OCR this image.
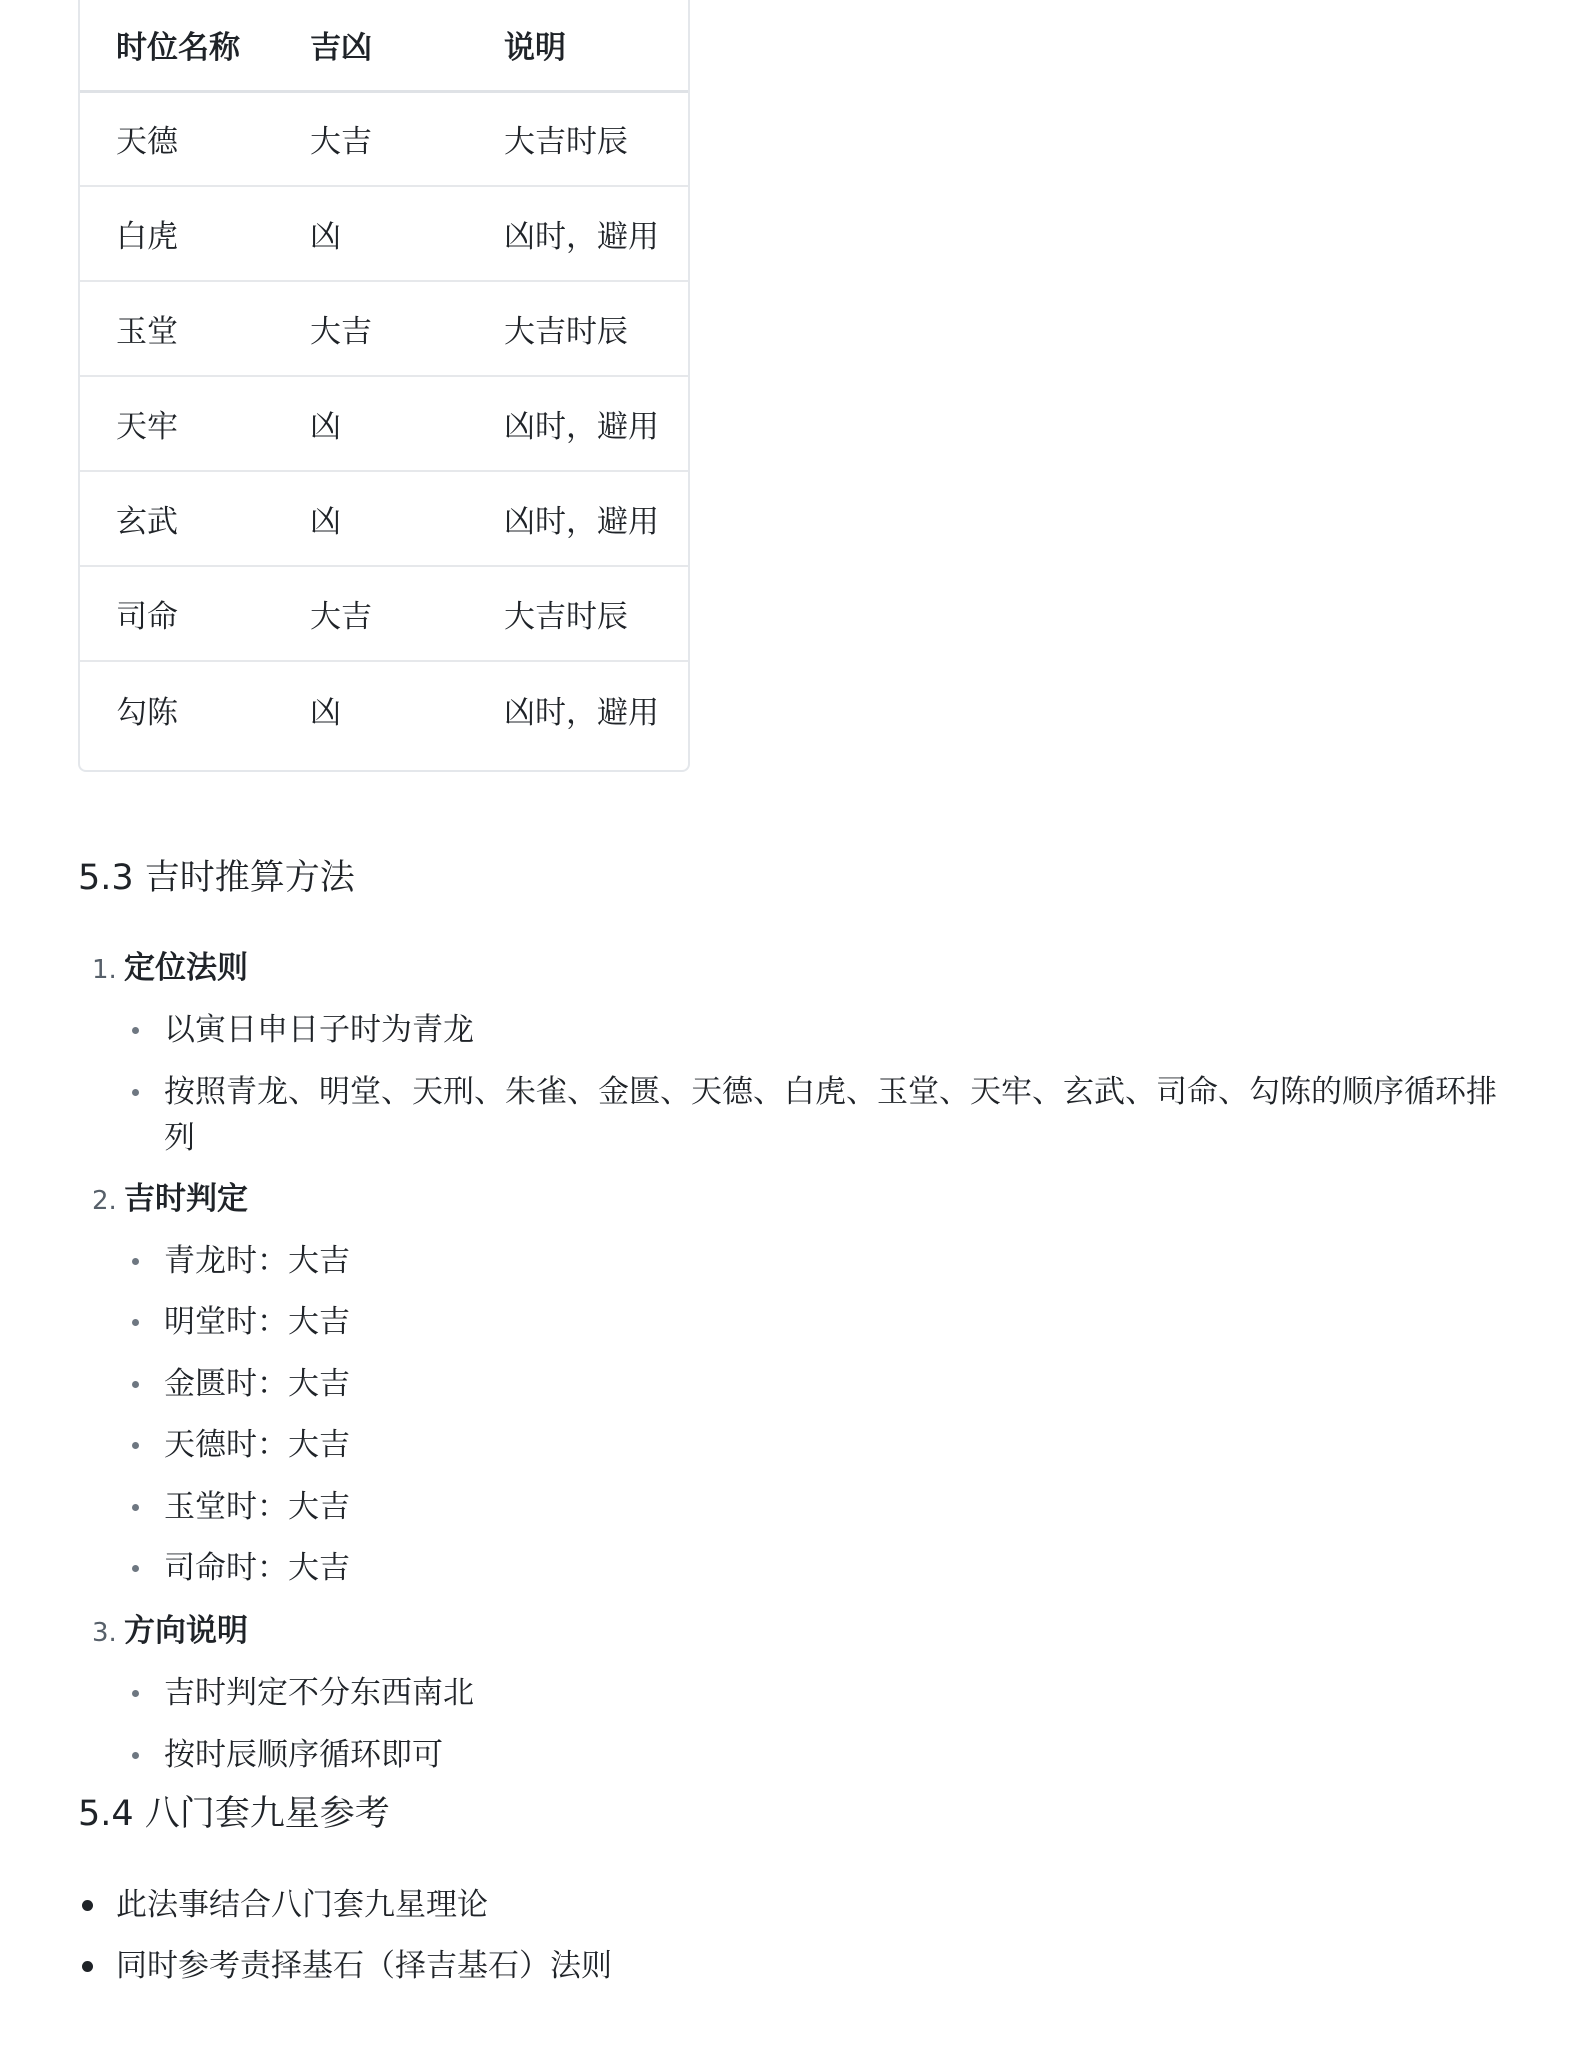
时位名称	吉凶	说明
天德	大吉	大吉时辰
白虎	凶	凶时，避用
玉堂	大吉	大吉时辰
天牢	凶	凶时，避用
玄武	凶	凶时，避用
司命	大吉	大吉时辰
勾陈	凶	凶时，避用
5.3 吉时推算方法
1. 定位法则
以寅日申日子时为青龙
按照青龙、明堂、天刑、朱雀、金匮、天德、白虎、玉堂、天牢、玄武、司命、勾陈的顺序循环排列
2. 吉时判定
青龙时：大吉
明堂时：大吉
金匮时：大吉
天德时：大吉
玉堂时：大吉
司命时：大吉
3. 方向说明
吉时判定不分东西南北
按时辰顺序循环即可
5.4 八门套九星参考
此法事结合八门套九星理论
同时参考责择基石（择吉基石）法则
